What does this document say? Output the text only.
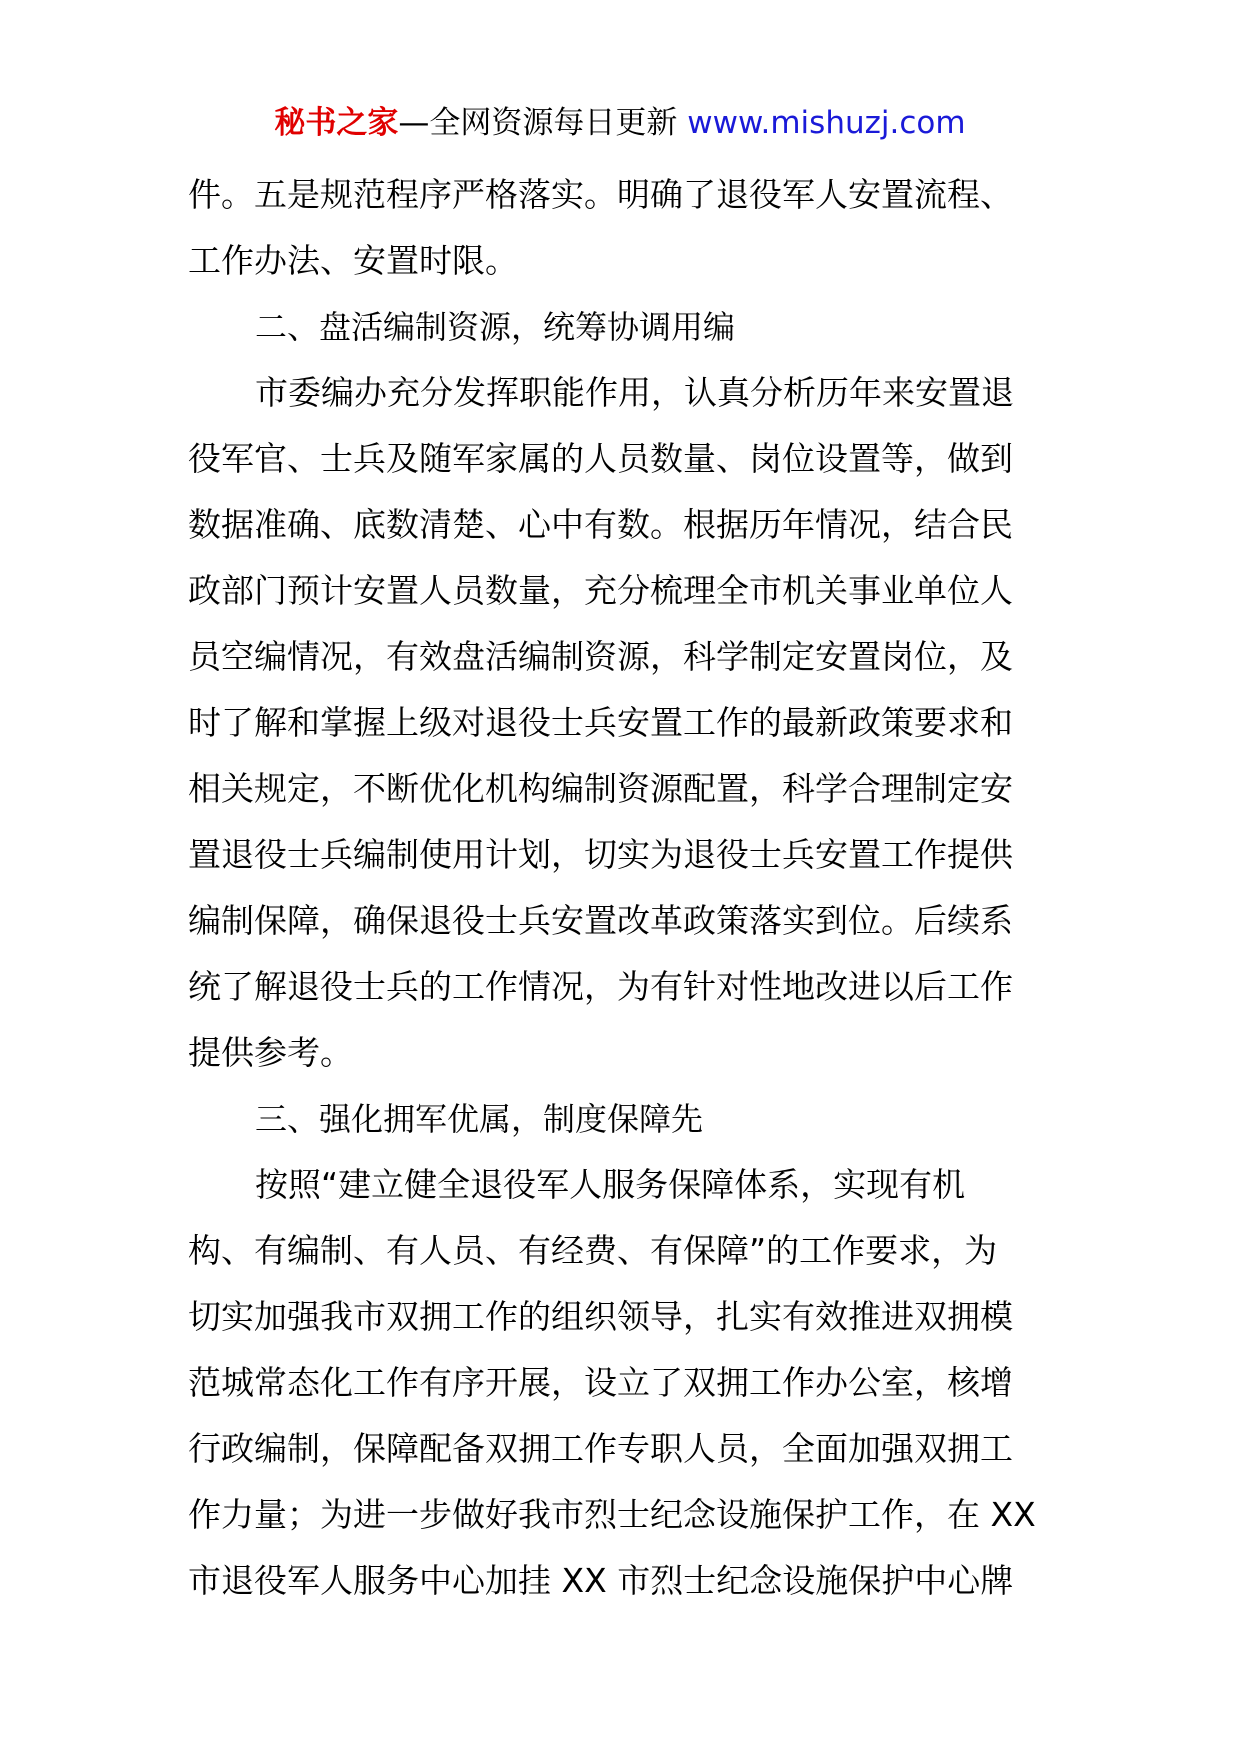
秘书之家—全网资源每日更新 www.mishuzj.com
件。五是规范程序严格落实。明确了退役军人安置流程、
工作办法、安置时限。
二、盘活编制资源，统筹协调用编
市委编办充分发挥职能作用，认真分析历年来安置退
役军官、士兵及随军家属的人员数量、岗位设置等，做到
数据准确、底数清楚、心中有数。根据历年情况，结合民
政部门预计安置人员数量，充分梳理全市机关事业单位人
员空编情况，有效盘活编制资源，科学制定安置岗位，及
时了解和掌握上级对退役士兵安置工作的最新政策要求和
相关规定，不断优化机构编制资源配置，科学合理制定安
置退役士兵编制使用计划，切实为退役士兵安置工作提供
编制保障，确保退役士兵安置改革政策落实到位。后续系
统了解退役士兵的工作情况，为有针对性地改进以后工作
提供参考。
三、强化拥军优属，制度保障先
按照“建立健全退役军人服务保障体系，实现有机
构、有编制、有人员、有经费、有保障”的工作要求，为
切实加强我市双拥工作的组织领导，扎实有效推进双拥模
范城常态化工作有序开展，设立了双拥工作办公室，核增
行政编制，保障配备双拥工作专职人员，全面加强双拥工
作力量；为进一步做好我市烈士纪念设施保护工作，在 XX
市退役军人服务中心加挂 XX 市烈士纪念设施保护中心牌
